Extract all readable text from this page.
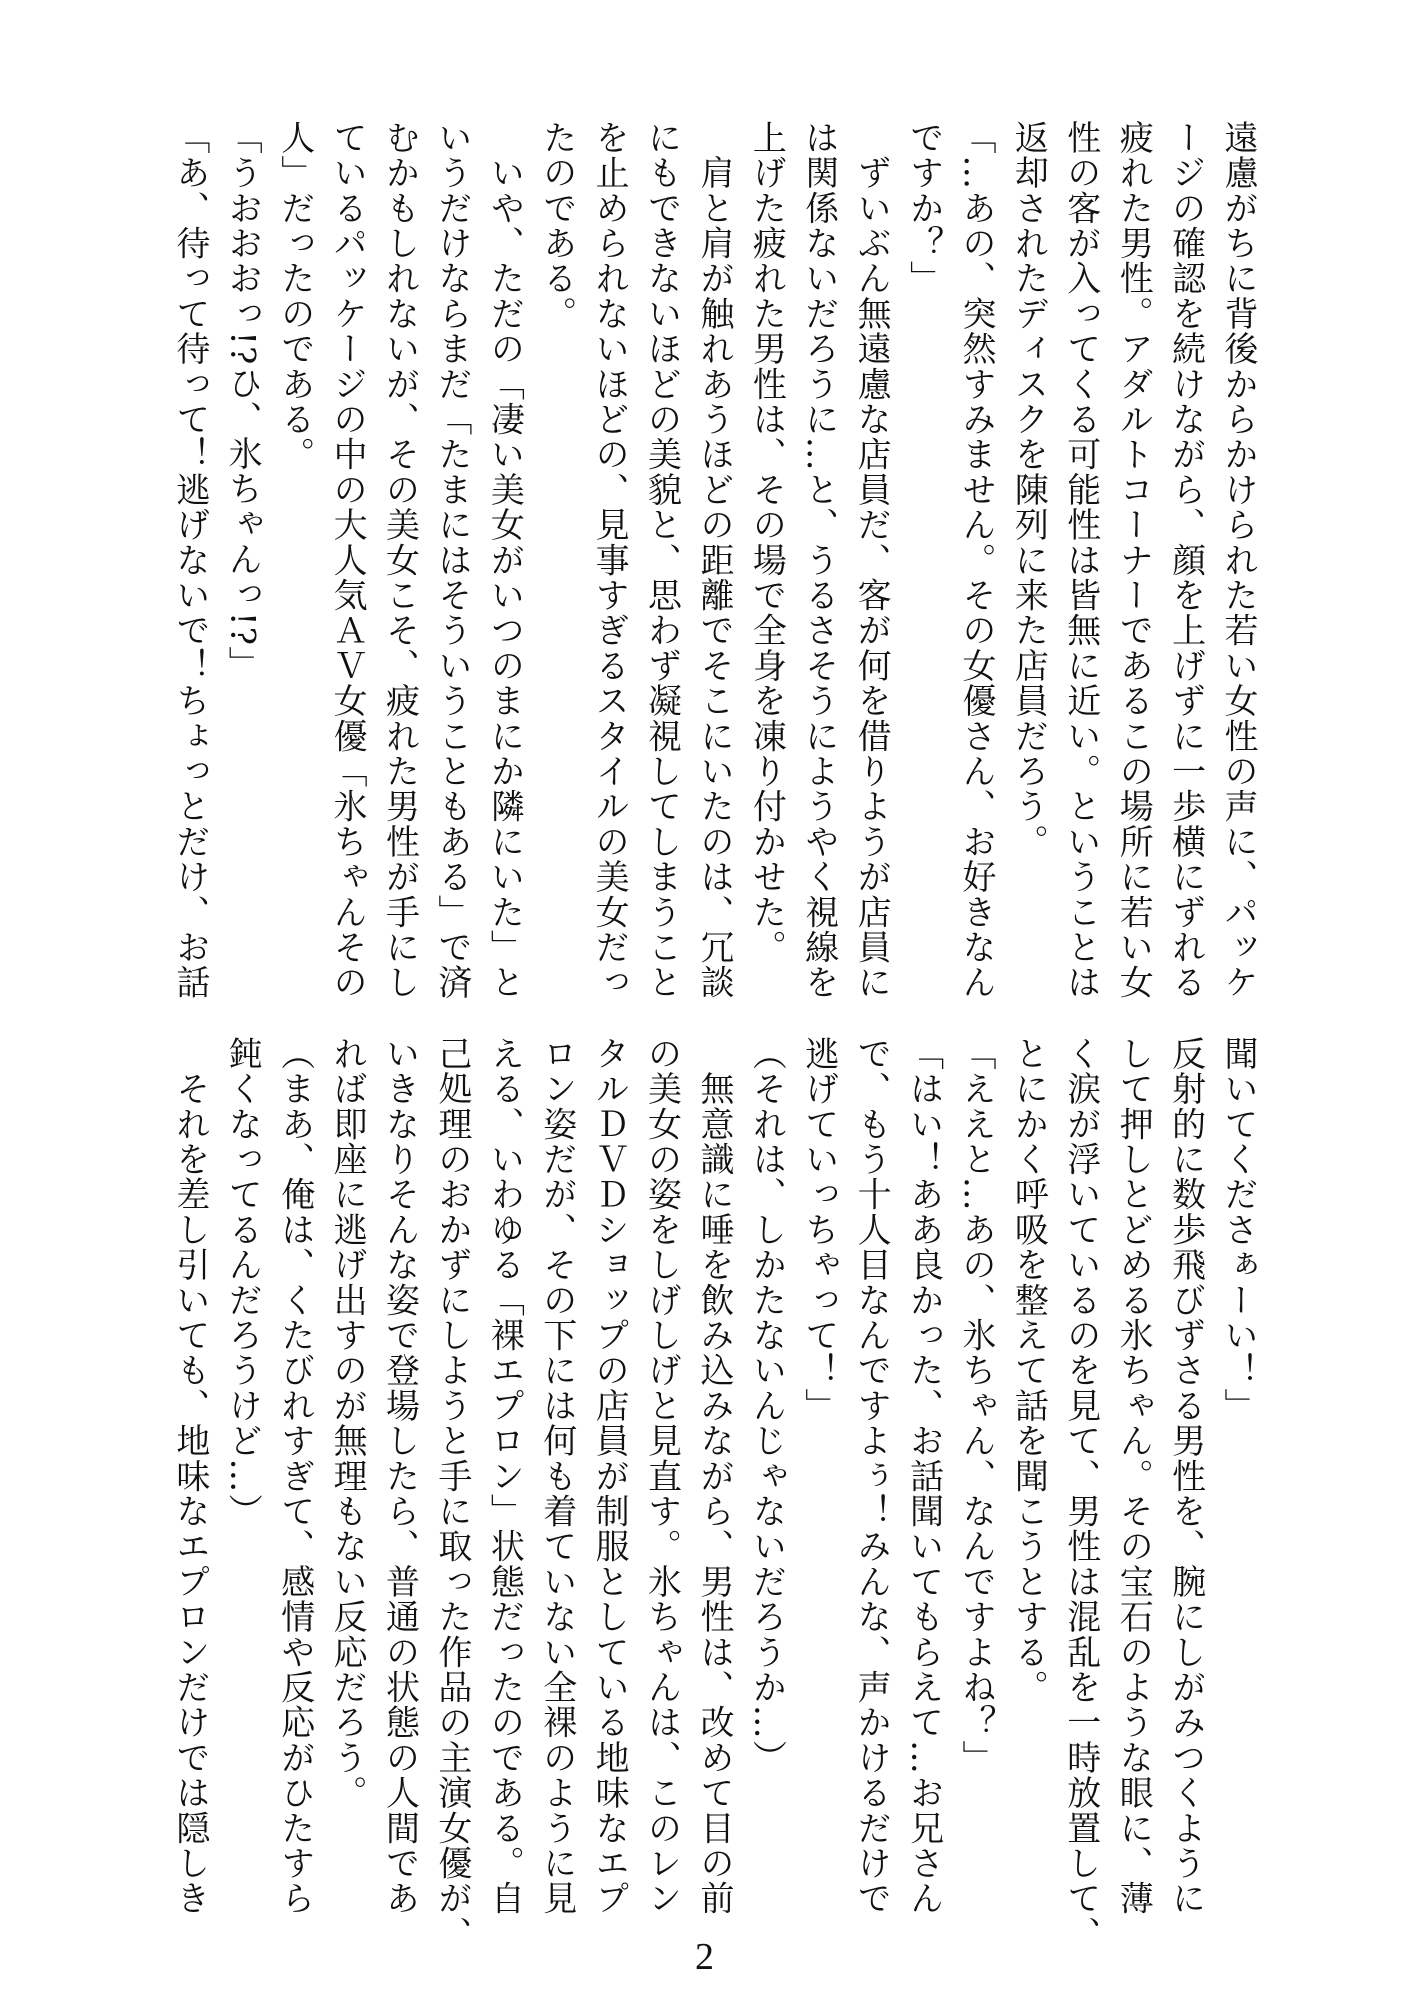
遠慮がちに背後からかけられた若い女性の声に、パッケ
ージの確認を続けながら、顔を上げずに一歩横にずれる
疲れた男性。アダルトコーナーであるこの場所に若い女
性の客が入ってくる可能性は皆無に近い。ということは
返却されたディスクを陳列に来た店員だろう。
「…あの、突然すみません。その女優さん、お好きなん
ですか？」
　ずいぶん無遠慮な店員だ、客が何を借りようが店員に
は関係ないだろうに…と、うるさそうにようやく視線を
上げた疲れた男性は、その場で全身を凍り付かせた。
　肩と肩が触れあうほどの距離でそこにいたのは、冗談
にもできないほどの美貌と、思わず凝視してしまうこと
を止められないほどの、見事すぎるスタイルの美女だっ
たのである。
　いや、ただの「凄い美女がいつのまにか隣にいた」と
いうだけならまだ「たまにはそういうこともある」で済
むかもしれないが、その美女こそ、疲れた男性が手にし
ているパッケージの中の大人気ＡＶ女優「氷ちゃんその
人」だったのである。
「うおおおっ!?ひ、氷ちゃんっ!?」
「あ、待って待って！逃げないで！ちょっとだけ、お話
聞いてくださぁーい！」
反射的に数歩飛びずさる男性を、腕にしがみつくように
して押しとどめる氷ちゃん。その宝石のような眼に、薄
く涙が浮いているのを見て、男性は混乱を一時放置して、
とにかく呼吸を整えて話を聞こうとする。
「ええと…あの、氷ちゃん、なんですよね？」
「はい！ああ良かった、お話聞いてもらえて…お兄さん
で、もう十人目なんですよぅ！みんな、声かけるだけで
逃げていっちゃって！」
（それは、しかたないんじゃないだろうか…）
　無意識に唾を飲み込みながら、男性は、改めて目の前
の美女の姿をしげしげと見直す。氷ちゃんは、このレン
タルＤＶＤショップの店員が制服としている地味なエプ
ロン姿だが、その下には何も着ていない全裸のように見
える、いわゆる「裸エプロン」状態だったのである。自
己処理のおかずにしようと手に取った作品の主演女優が、
いきなりそんな姿で登場したら、普通の状態の人間であ
れば即座に逃げ出すのが無理もない反応だろう。
（まあ、俺は、くたびれすぎて、感情や反応がひたすら
鈍くなってるんだろうけど…）
　それを差し引いても、地味なエプロンだけでは隠しき
2
